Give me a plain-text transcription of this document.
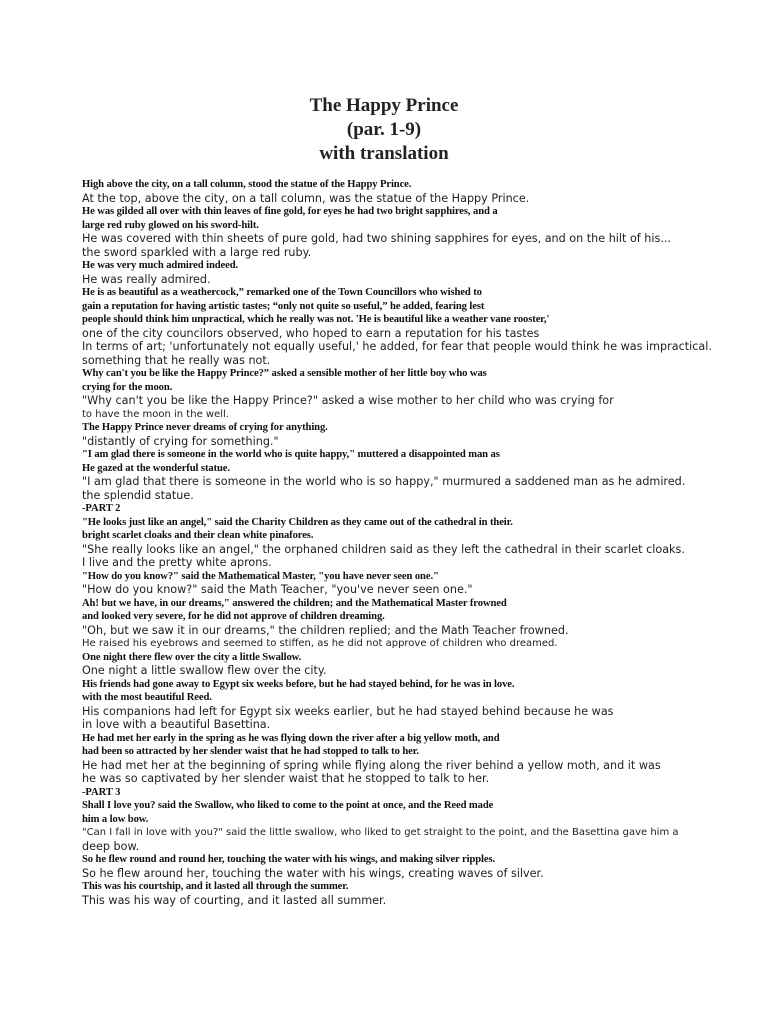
The Happy Prince
(par. 1-9)
with translation
High above the city, on a tall column, stood the statue of the Happy Prince.
At the top, above the city, on a tall column, was the statue of the Happy Prince.
He was gilded all over with thin leaves of fine gold, for eyes he had two bright sapphires, and a
large red ruby glowed on his sword-hilt.
He was covered with thin sheets of pure gold, had two shining sapphires for eyes, and on the hilt of his...
the sword sparkled with a large red ruby.
He was very much admired indeed.
He was really admired.
He is as beautiful as a weathercock,” remarked one of the Town Councillors who wished to
gain a reputation for having artistic tastes; “only not quite so useful,” he added, fearing lest
people should think him unpractical, which he really was not. 'He is beautiful like a weather vane rooster,'
one of the city councilors observed, who hoped to earn a reputation for his tastes
In terms of art; 'unfortunately not equally useful,' he added, for fear that people would think he was impractical.
something that he really was not.
Why can't you be like the Happy Prince?” asked a sensible mother of her little boy who was
crying for the moon.
"Why can't you be like the Happy Prince?" asked a wise mother to her child who was crying for
to have the moon in the well.
The Happy Prince never dreams of crying for anything.
"distantly of crying for something."
"I am glad there is someone in the world who is quite happy," muttered a disappointed man as
He gazed at the wonderful statue.
"I am glad that there is someone in the world who is so happy," murmured a saddened man as he admired.
the splendid statue.
-PART 2
"He looks just like an angel," said the Charity Children as they came out of the cathedral in their.
bright scarlet cloaks and their clean white pinafores.
"She really looks like an angel," the orphaned children said as they left the cathedral in their scarlet cloaks.
I live and the pretty white aprons.
"How do you know?" said the Mathematical Master, "you have never seen one."
"How do you know?" said the Math Teacher, "you've never seen one."
Ah! but we have, in our dreams," answered the children; and the Mathematical Master frowned
and looked very severe, for he did not approve of children dreaming.
"Oh, but we saw it in our dreams," the children replied; and the Math Teacher frowned.
He raised his eyebrows and seemed to stiffen, as he did not approve of children who dreamed.
One night there flew over the city a little Swallow.
One night a little swallow flew over the city.
His friends had gone away to Egypt six weeks before, but he had stayed behind, for he was in love.
with the most beautiful Reed.
His companions had left for Egypt six weeks earlier, but he had stayed behind because he was
in love with a beautiful Basettina.
He had met her early in the spring as he was flying down the river after a big yellow moth, and
had been so attracted by her slender waist that he had stopped to talk to her.
He had met her at the beginning of spring while flying along the river behind a yellow moth, and it was
he was so captivated by her slender waist that he stopped to talk to her.
-PART 3
Shall I love you? said the Swallow, who liked to come to the point at once, and the Reed made
him a low bow.
"Can I fall in love with you?" said the little swallow, who liked to get straight to the point, and the Basettina gave him a
deep bow.
So he flew round and round her, touching the water with his wings, and making silver ripples.
So he flew around her, touching the water with his wings, creating waves of silver.
This was his courtship, and it lasted all through the summer.
This was his way of courting, and it lasted all summer.
